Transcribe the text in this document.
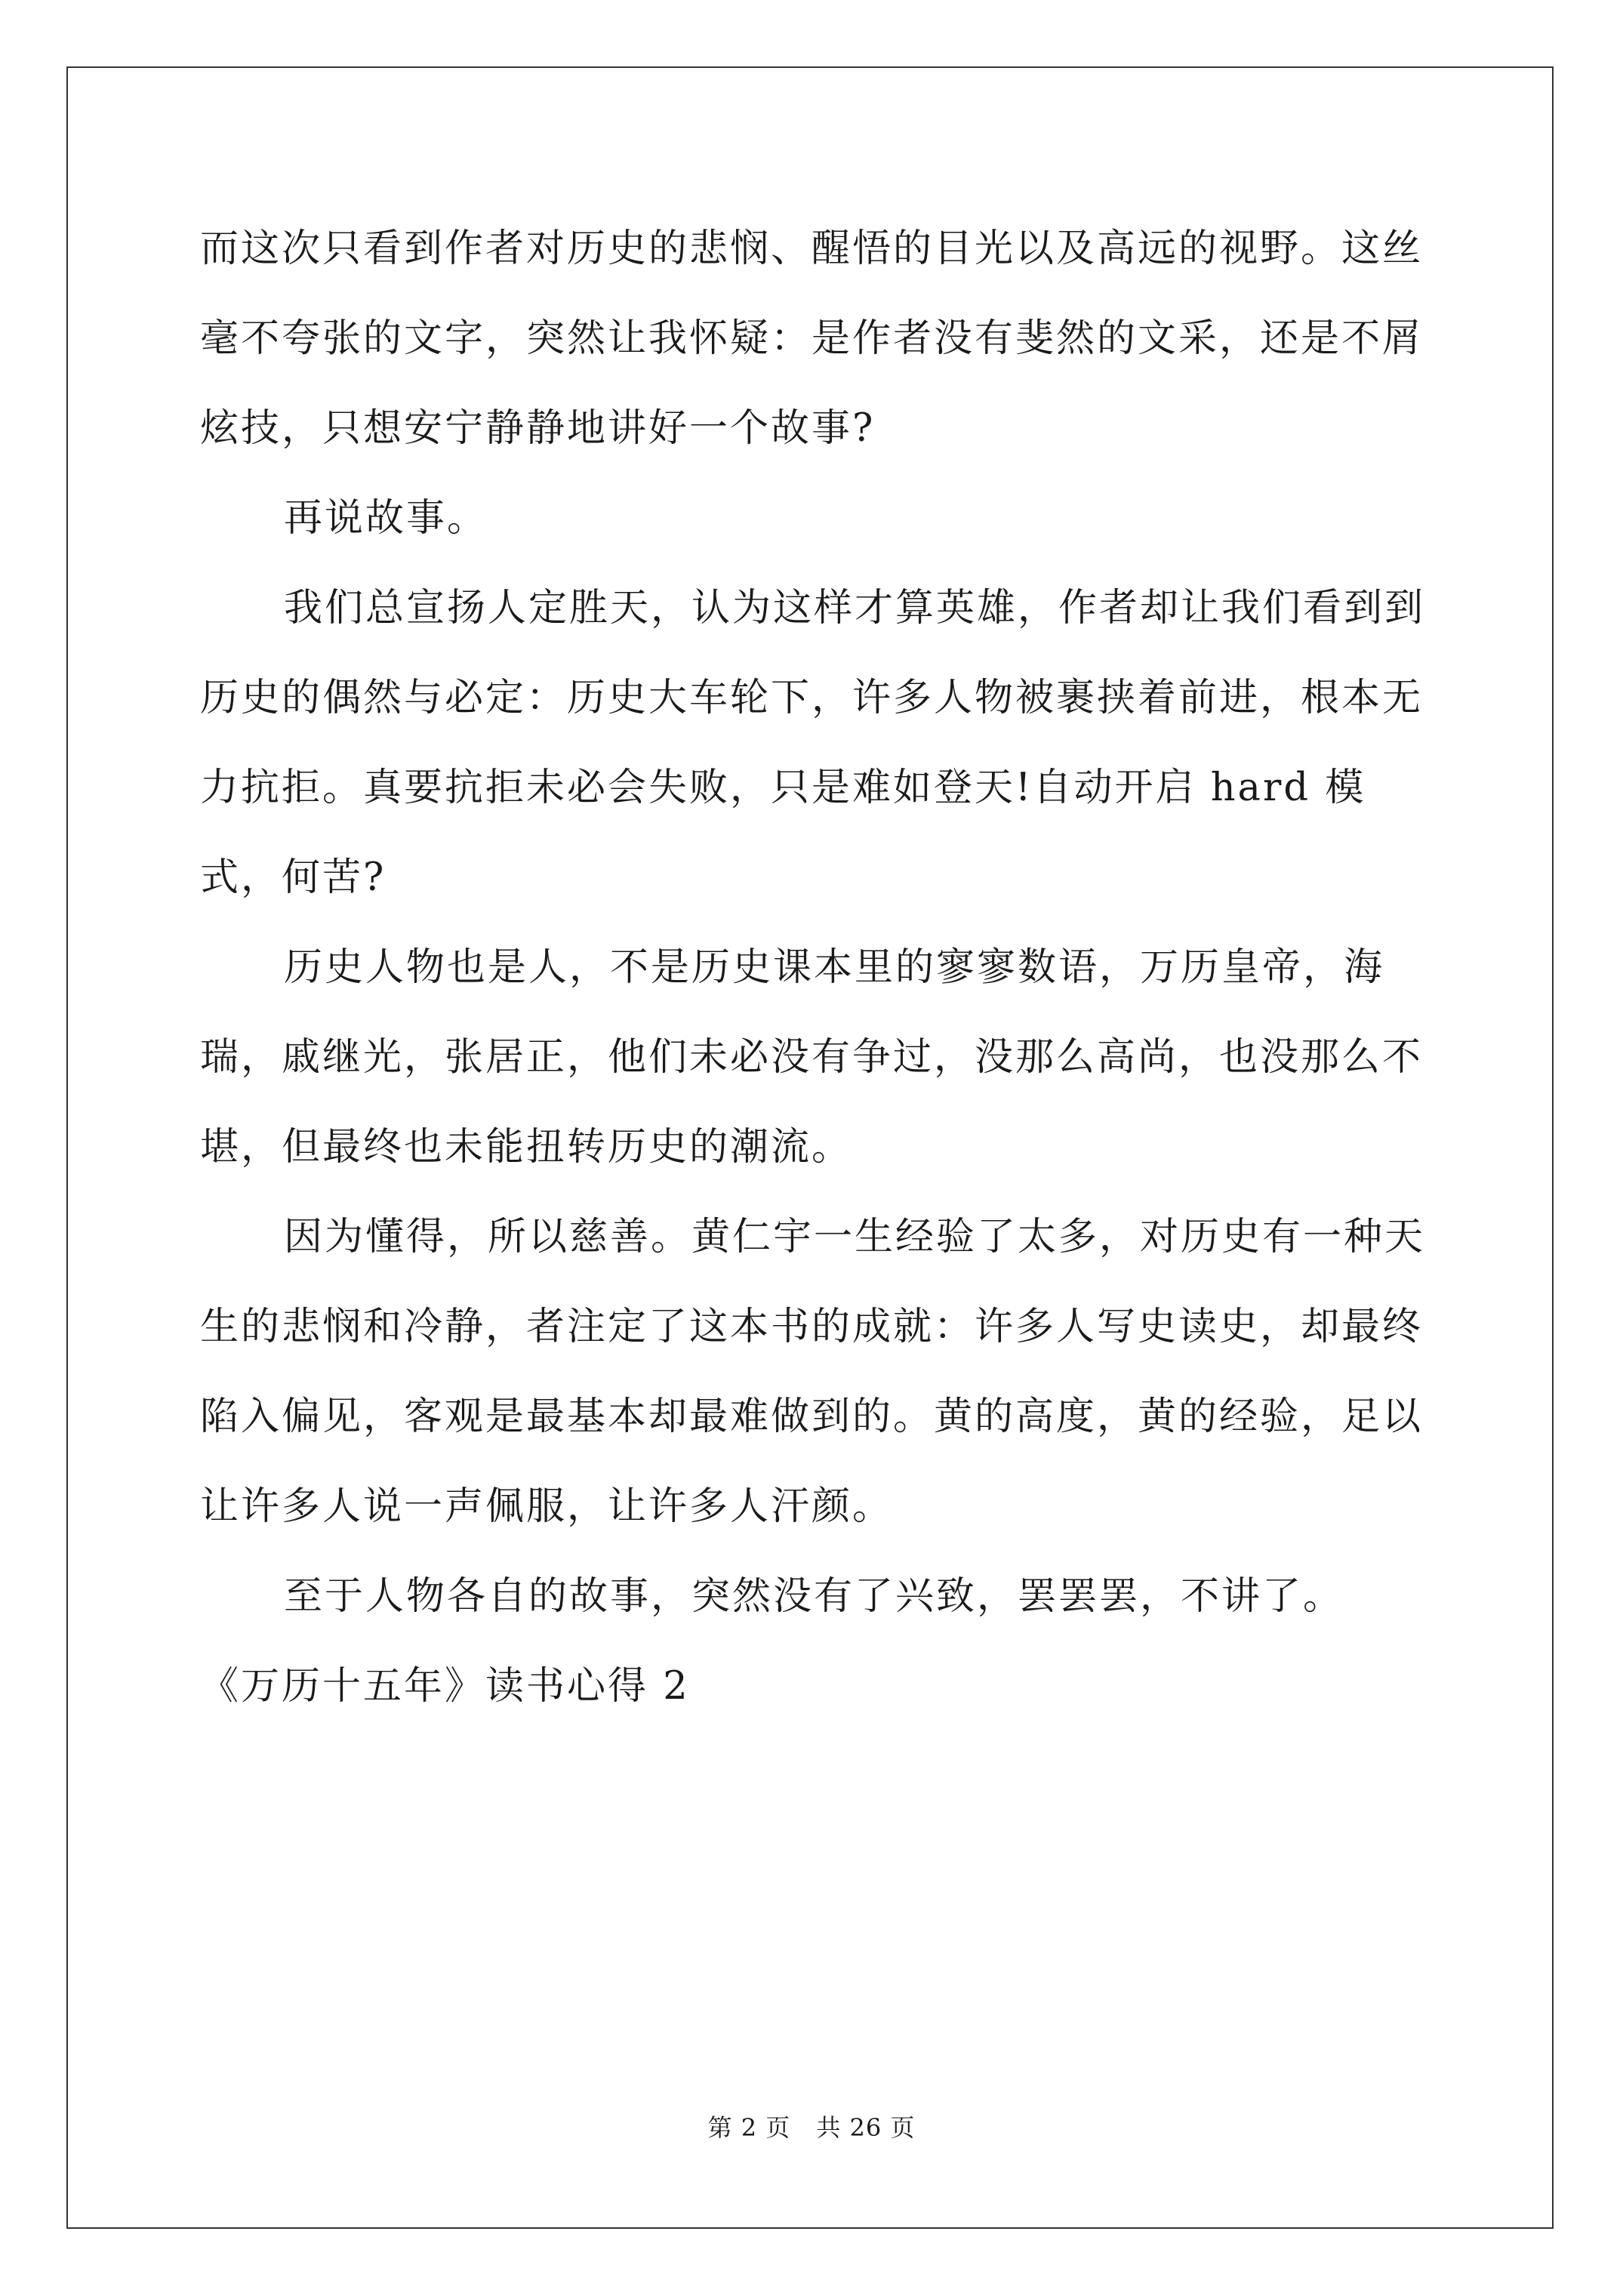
而这次只看到作者对历史的悲悯、醒悟的目光以及高远的视野。这丝毫不夸张的文字，突然让我怀疑：是作者没有斐然的文采，还是不屑炫技，只想安宁静静地讲好一个故事?

再说故事。

我们总宣扬人定胜天，认为这样才算英雄，作者却让我们看到到历史的偶然与必定：历史大车轮下，许多人物被裹挟着前进，根本无力抗拒。真要抗拒未必会失败，只是难如登天!自动开启 hard 模式，何苦?

历史人物也是人，不是历史课本里的寥寥数语，万历皇帝，海瑞，戚继光，张居正，他们未必没有争过，没那么高尚，也没那么不堪，但最终也未能扭转历史的潮流。

因为懂得，所以慈善。黄仁宇一生经验了太多，对历史有一种天生的悲悯和冷静，者注定了这本书的成就：许多人写史读史，却最终陷入偏见，客观是最基本却最难做到的。黄的高度，黄的经验，足以让许多人说一声佩服，让许多人汗颜。

至于人物各自的故事，突然没有了兴致，罢罢罢，不讲了。

《万历十五年》读书心得 2

第 2 页 共 26 页
